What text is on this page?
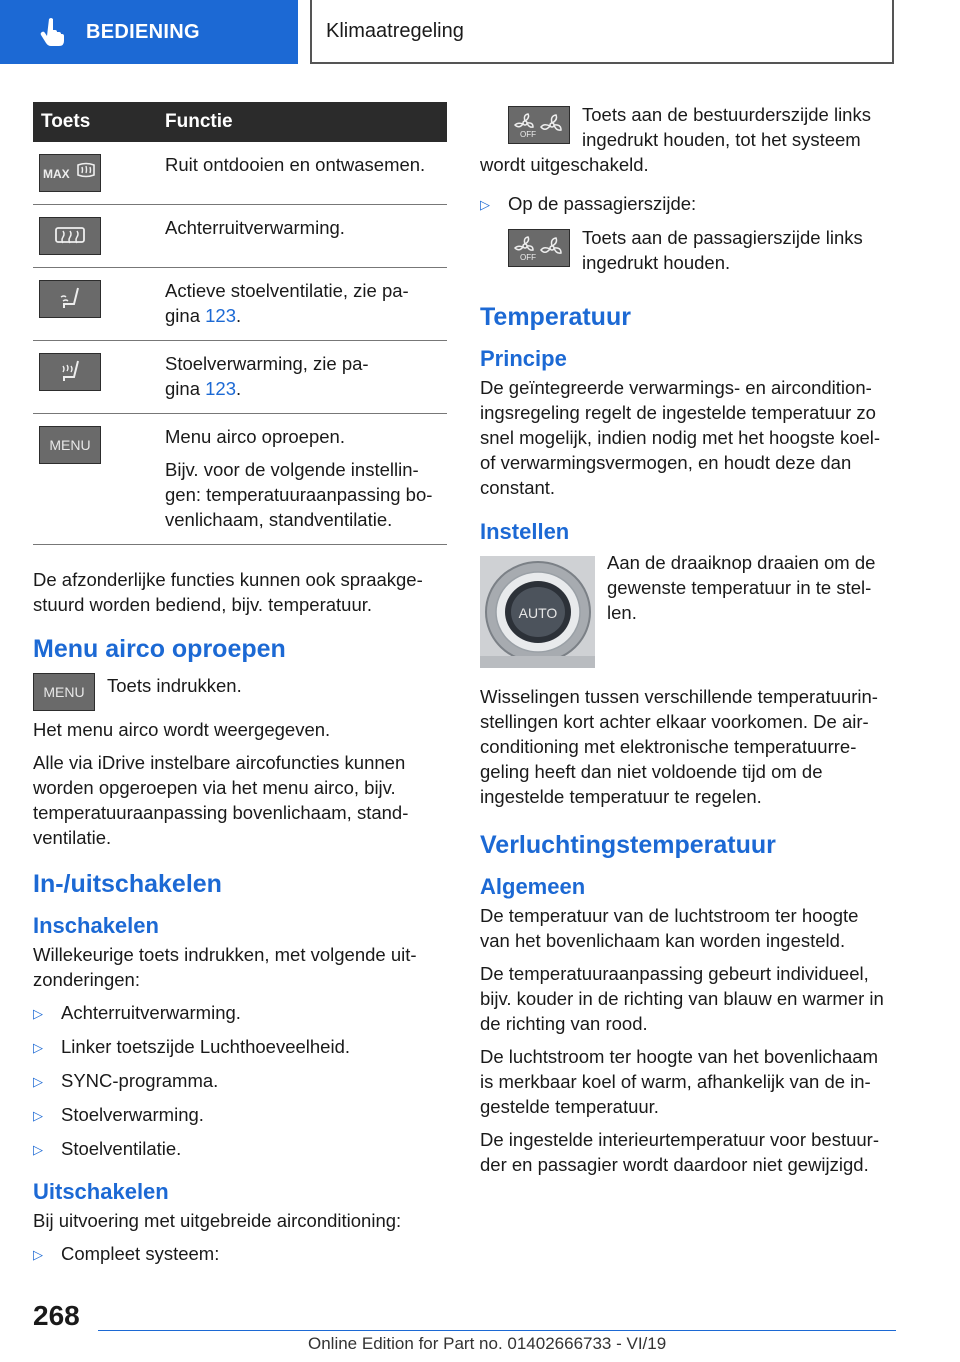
BEDIENING	Klimaatregeling
Toets	Functie

MAX	Ruit ontdooien en ontwasemen.

	Achterruitverwarming.

	Actieve stoelventilatie, zie pa-
gina 123.

	Stoelverwarming, zie pa-
gina 123.

MENU	Menu airco oproepen.

Bijv. voor de volgende instellin-
gen: temperatuuraanpassing bo-
venlichaam, standventilatie.

De afzonderlijke functies kunnen ook spraakge-
stuurd worden bediend, bijv. temperatuur.

Menu airco oproepen
MENU Toets indrukken.

Het menu airco wordt weergegeven.

Alle via iDrive instelbare aircofuncties kunnen
worden opgeroepen via het menu airco, bijv.
temperatuuraanpassing bovenlichaam, stand-
ventilatie.

In-/uitschakelen
Inschakelen

Willekeurige toets indrukken, met volgende uit-
zonderingen:

▷ Achterruitverwarming.
▷ Linker toetszijde Luchthoeveelheid.
▷ SYNC-programma.
▷ Stoelverwarming.
▷ Stoelventilatie.
Uitschakelen

Bij uitvoering met uitgebreide airconditioning:

▷ Compleet systeem:
OFF

Toets aan de bestuurderszijde links
ingedrukt houden, tot het systeem
wordt uitgeschakeld.

▷ Op de passagierszijde:
OFF

Toets aan de passagierszijde links
ingedrukt houden.

Temperatuur
Principe

De geïntegreerde verwarmings- en aircondition-
ingsregeling regelt de ingestelde temperatuur zo
snel mogelijk, indien nodig met het hoogste koel-
of verwarmingsvermogen, en houdt deze dan
constant.

Instellen
AUTO

Aan de draaiknop draaien om de
gewenste temperatuur in te stel-
len.

Wisselingen tussen verschillende temperatuurin-
stellingen kort achter elkaar voorkomen. De air-
conditioning met elektronische temperatuurre-
geling heeft dan niet voldoende tijd om de
ingestelde temperatuur te regelen.

Verluchtingstemperatuur
Algemeen

De temperatuur van de luchtstroom ter hoogte
van het bovenlichaam kan worden ingesteld.

De temperatuuraanpassing gebeurt individueel,
bijv. kouder in de richting van blauw en warmer in
de richting van rood.

De luchtstroom ter hoogte van het bovenlichaam
is merkbaar koel of warm, afhankelijk van de in-
gestelde temperatuur.

De ingestelde interieurtemperatuur voor bestuur-
der en passagier wordt daardoor niet gewijzigd.

268
Online Edition for Part no. 01402666733 - VI/19
